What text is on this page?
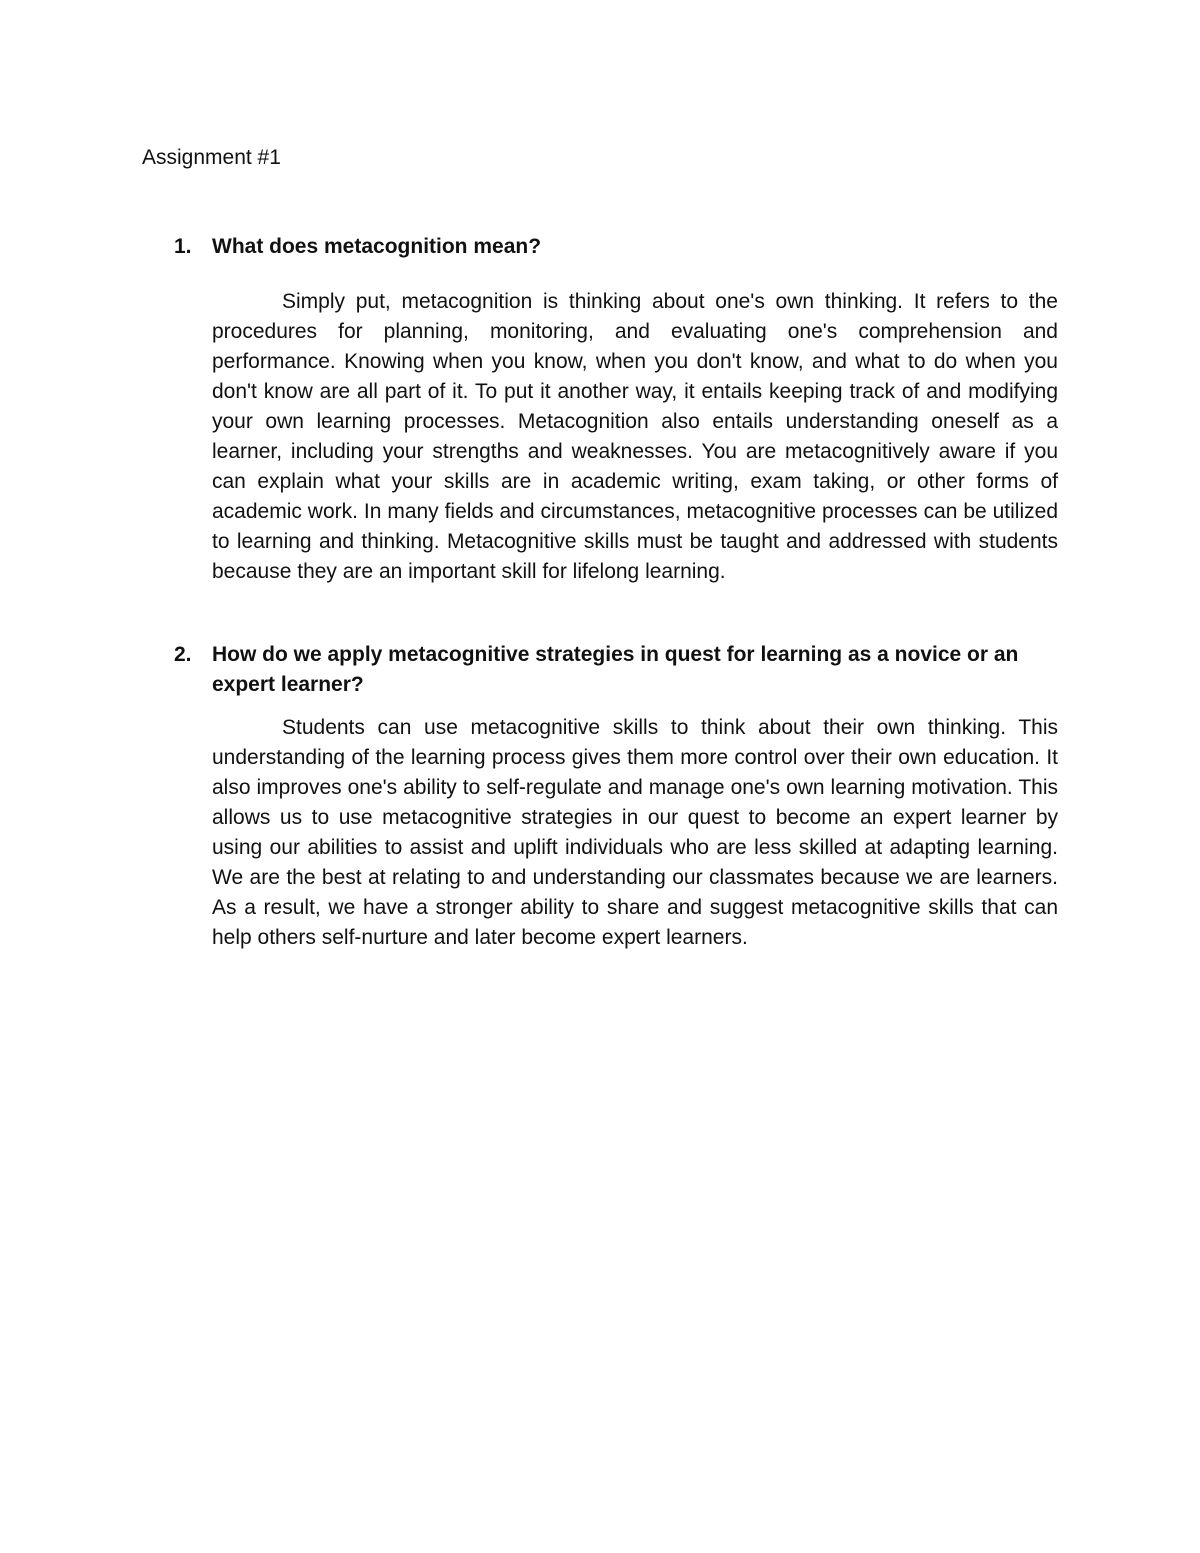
Assignment #1
1. What does metacognition mean?

Simply put, metacognition is thinking about one's own thinking. It refers to the procedures for planning, monitoring, and evaluating one's comprehension and performance. Knowing when you know, when you don't know, and what to do when you don't know are all part of it. To put it another way, it entails keeping track of and modifying your own learning processes. Metacognition also entails understanding oneself as a learner, including your strengths and weaknesses. You are metacognitively aware if you can explain what your skills are in academic writing, exam taking, or other forms of academic work. In many fields and circumstances, metacognitive processes can be utilized to learning and thinking. Metacognitive skills must be taught and addressed with students because they are an important skill for lifelong learning.

2. How do we apply metacognitive strategies in quest for learning as a novice or an expert learner?

Students can use metacognitive skills to think about their own thinking. This understanding of the learning process gives them more control over their own education. It also improves one's ability to self-regulate and manage one's own learning motivation. This allows us to use metacognitive strategies in our quest to become an expert learner by using our abilities to assist and uplift individuals who are less skilled at adapting learning. We are the best at relating to and understanding our classmates because we are learners. As a result, we have a stronger ability to share and suggest metacognitive skills that can help others self-nurture and later become expert learners.
